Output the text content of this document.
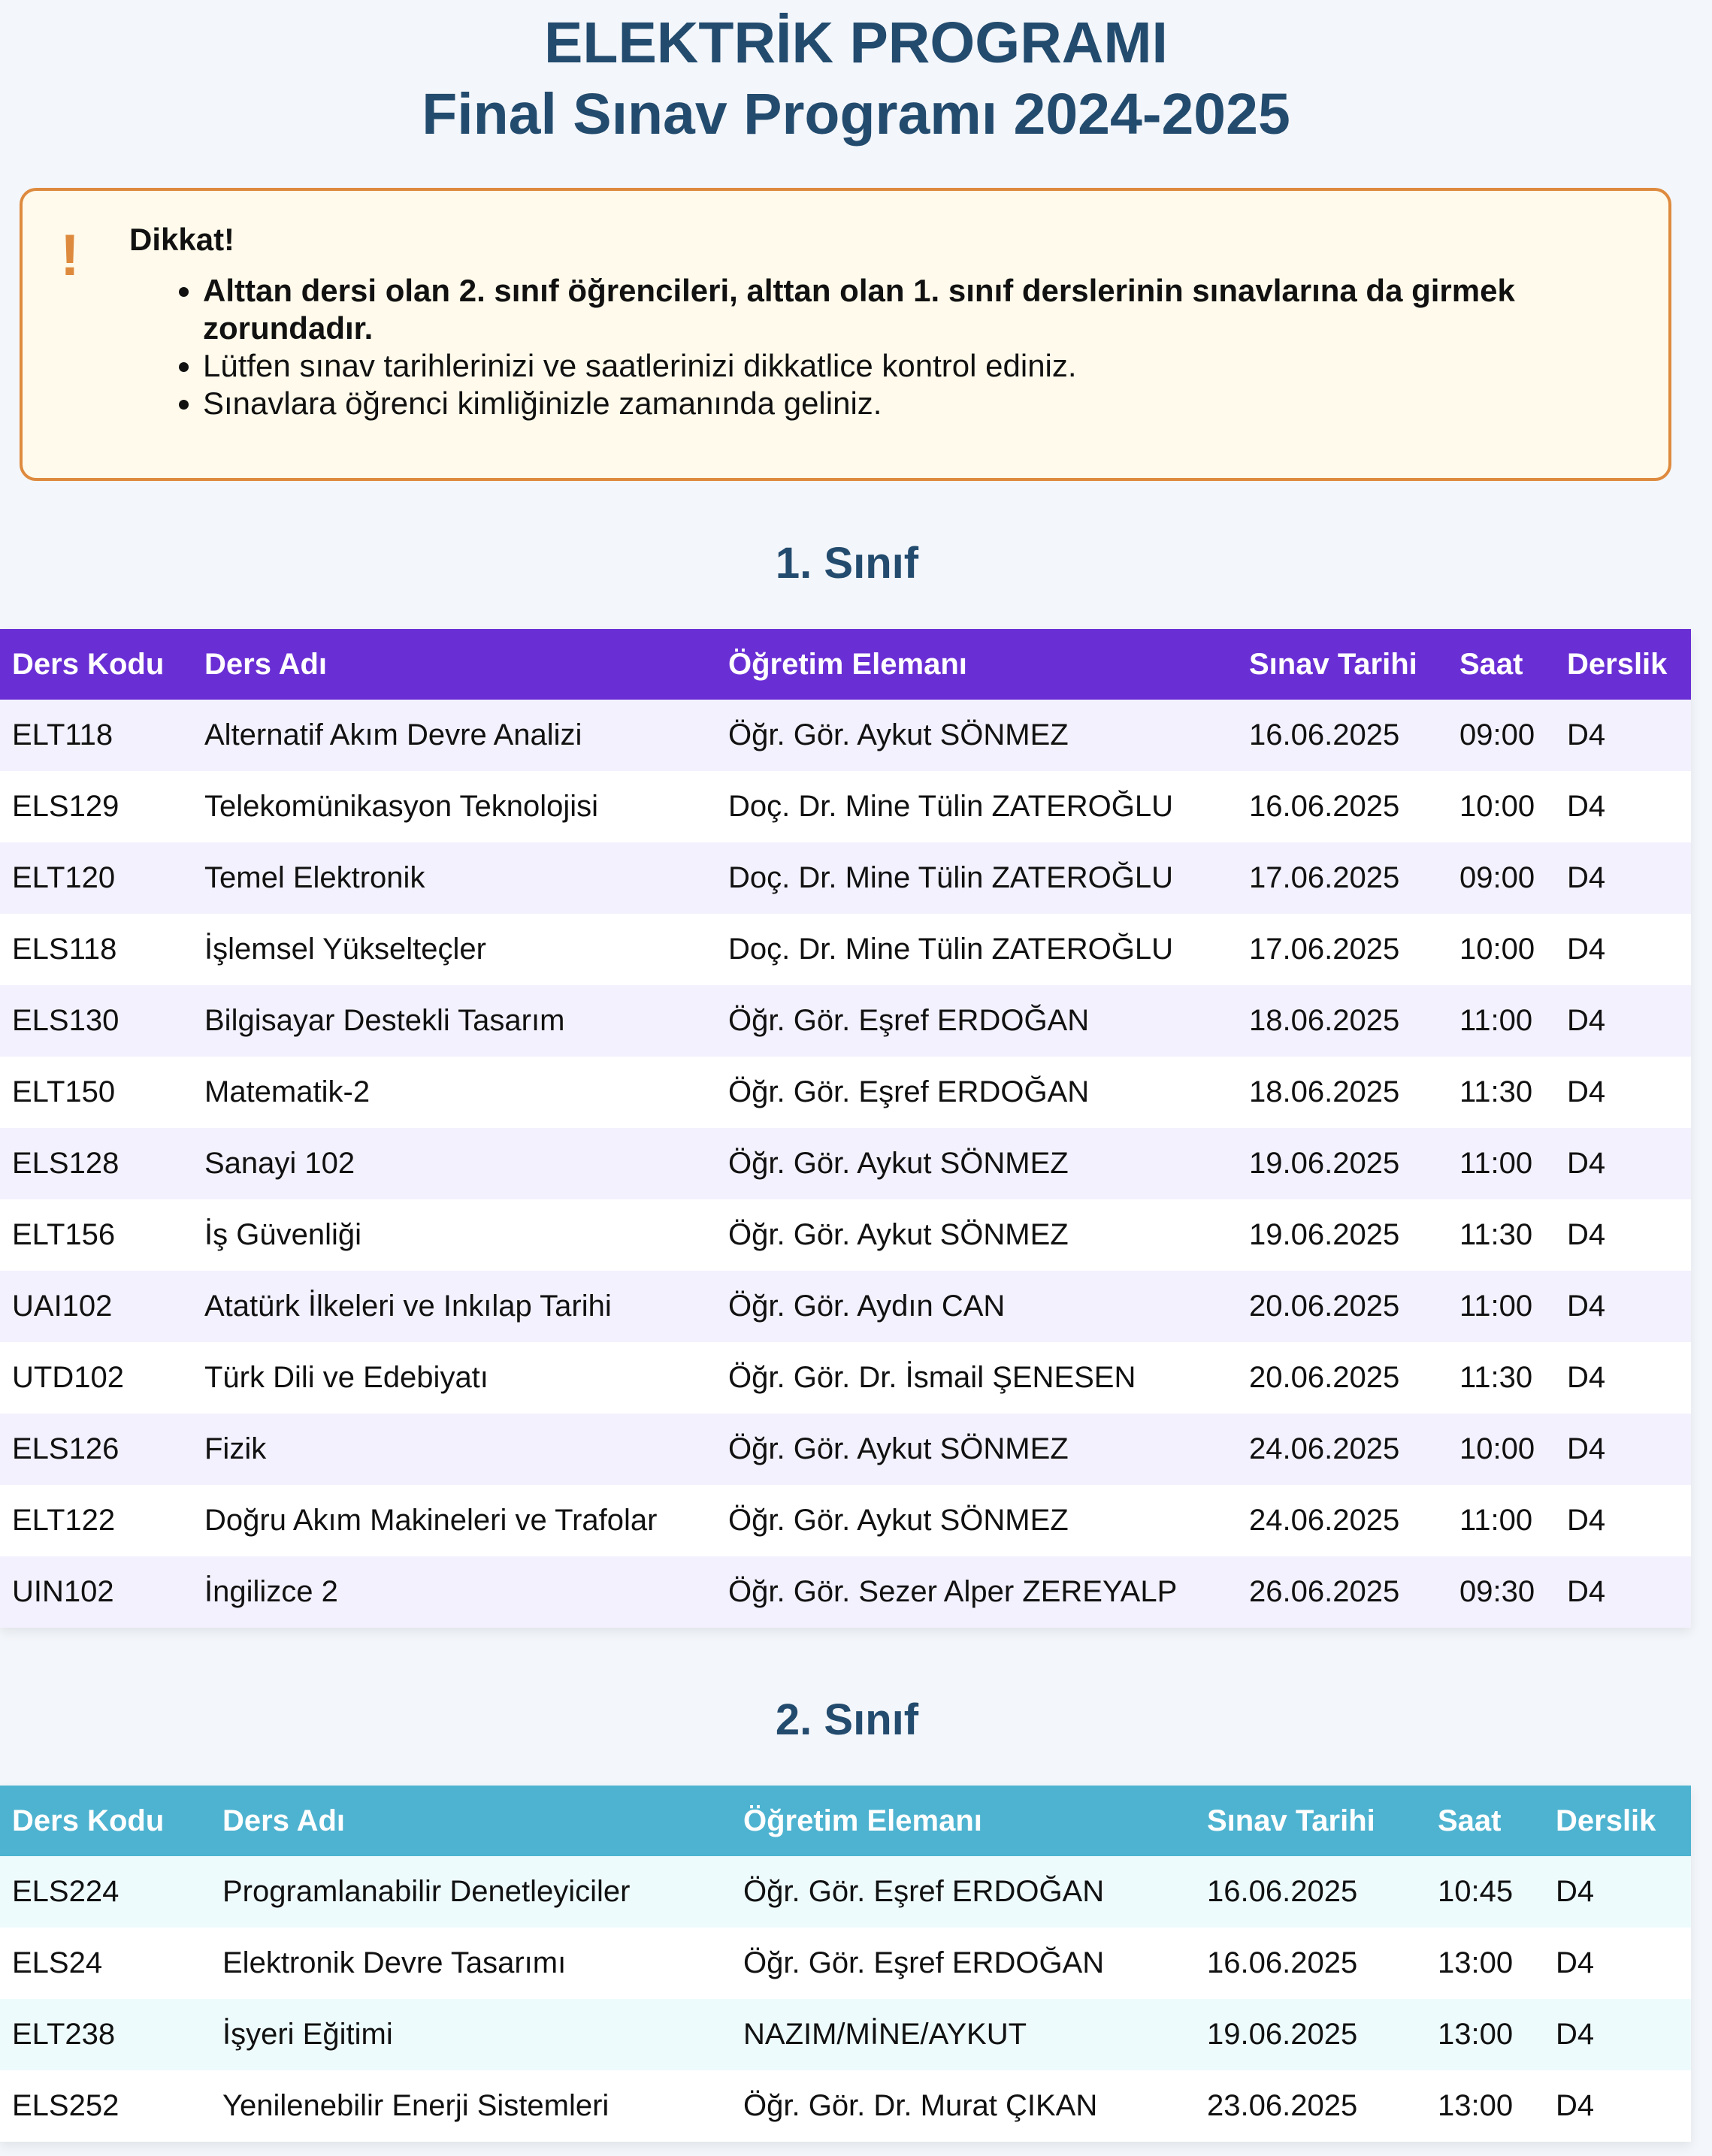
ELEKTRİK PROGRAMI
Final Sınav Programı 2024-2025
! Dikkat!
• Alttan dersi olan 2. sınıf öğrencileri, alttan olan 1. sınıf derslerinin sınavlarına da girmek zorundadır.
• Lütfen sınav tarihlerinizi ve saatlerinizi dikkatlice kontrol ediniz.
• Sınavlara öğrenci kimliğinizle zamanında geliniz.
1. Sınıf
Ders Kodu	Ders Adı	Öğretim Elemanı	Sınav Tarihi	Saat	Derslik
ELT118	Alternatif Akım Devre Analizi	Öğr. Gör. Aykut SÖNMEZ	16.06.2025	09:00	D4
ELS129	Telekomünikasyon Teknolojisi	Doç. Dr. Mine Tülin ZATEROĞLU	16.06.2025	10:00	D4
ELT120	Temel Elektronik	Doç. Dr. Mine Tülin ZATEROĞLU	17.06.2025	09:00	D4
ELS118	İşlemsel Yükselteçler	Doç. Dr. Mine Tülin ZATEROĞLU	17.06.2025	10:00	D4
ELS130	Bilgisayar Destekli Tasarım	Öğr. Gör. Eşref ERDOĞAN	18.06.2025	11:00	D4
ELT150	Matematik-2	Öğr. Gör. Eşref ERDOĞAN	18.06.2025	11:30	D4
ELS128	Sanayi 102	Öğr. Gör. Aykut SÖNMEZ	19.06.2025	11:00	D4
ELT156	İş Güvenliği	Öğr. Gör. Aykut SÖNMEZ	19.06.2025	11:30	D4
UAI102	Atatürk İlkeleri ve Inkılap Tarihi	Öğr. Gör. Aydın CAN	20.06.2025	11:00	D4
UTD102	Türk Dili ve Edebiyatı	Öğr. Gör. Dr. İsmail ŞENESEN	20.06.2025	11:30	D4
ELS126	Fizik	Öğr. Gör. Aykut SÖNMEZ	24.06.2025	10:00	D4
ELT122	Doğru Akım Makineleri ve Trafolar	Öğr. Gör. Aykut SÖNMEZ	24.06.2025	11:00	D4
UIN102	İngilizce 2	Öğr. Gör. Sezer Alper ZEREYALP	26.06.2025	09:30	D4
2. Sınıf
Ders Kodu	Ders Adı	Öğretim Elemanı	Sınav Tarihi	Saat	Derslik
ELS224	Programlanabilir Denetleyiciler	Öğr. Gör. Eşref ERDOĞAN	16.06.2025	10:45	D4
ELS24	Elektronik Devre Tasarımı	Öğr. Gör. Eşref ERDOĞAN	16.06.2025	13:00	D4
ELT238	İşyeri Eğitimi	NAZIM/MİNE/AYKUT	19.06.2025	13:00	D4
ELS252	Yenilenebilir Enerji Sistemleri	Öğr. Gör. Dr. Murat ÇIKAN	23.06.2025	13:00	D4
